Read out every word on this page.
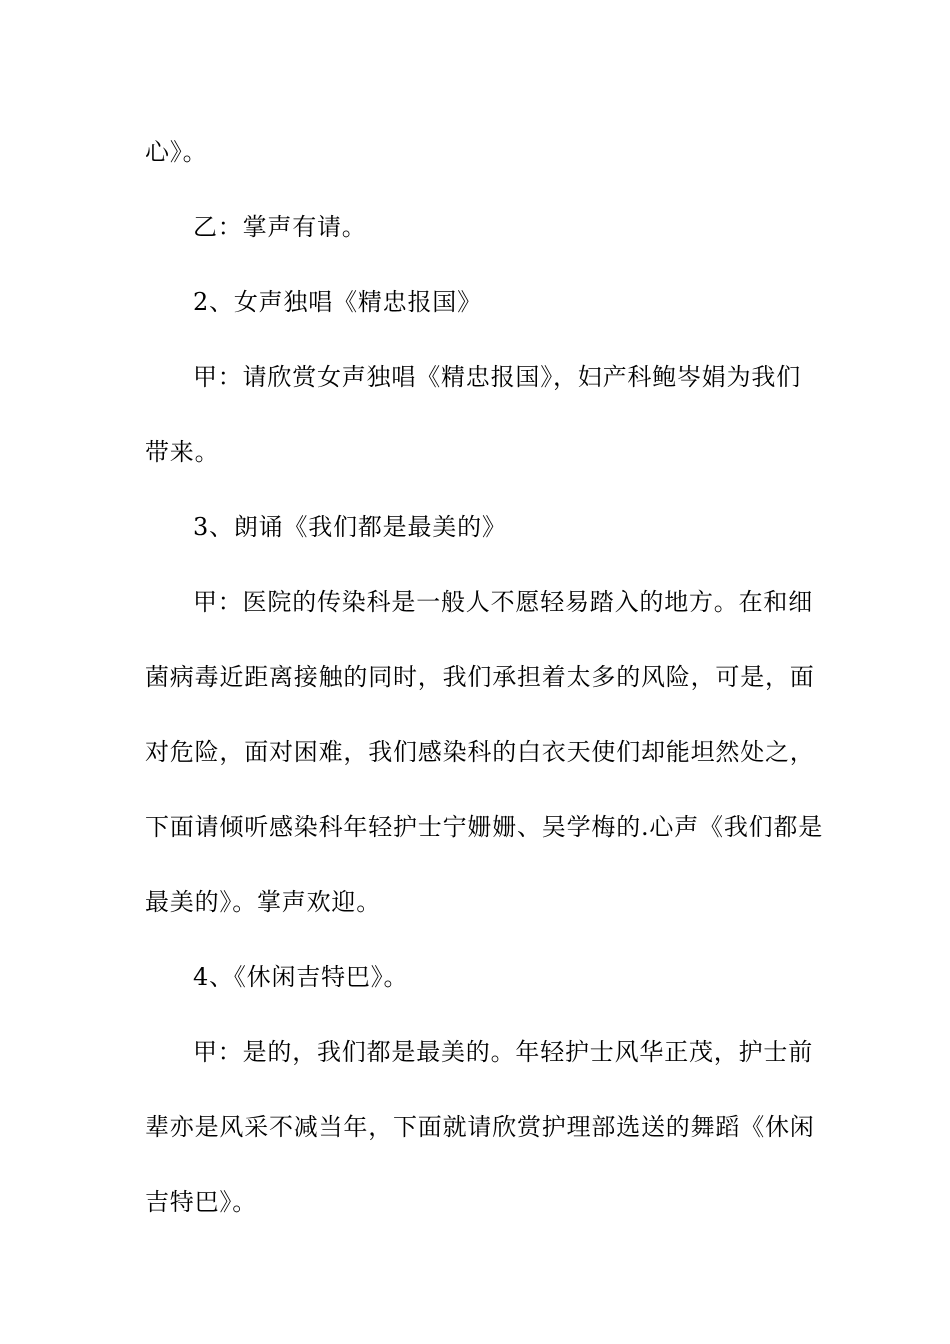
心》。
乙：掌声有请。
2、女声独唱《精忠报国》
甲：请欣赏女声独唱《精忠报国》，妇产科鲍岑娟为我们
带来。
3、朗诵《我们都是最美的》
甲：医院的传染科是一般人不愿轻易踏入的地方。在和细
菌病毒近距离接触的同时，我们承担着太多的风险，可是，面
对危险，面对困难，我们感染科的白衣天使们却能坦然处之，
下面请倾听感染科年轻护士宁姗姗、吴学梅的.心声《我们都是
最美的》。掌声欢迎。
4、《休闲吉特巴》。
甲：是的，我们都是最美的。年轻护士风华正茂，护士前
辈亦是风采不减当年，下面就请欣赏护理部选送的舞蹈《休闲
吉特巴》。
